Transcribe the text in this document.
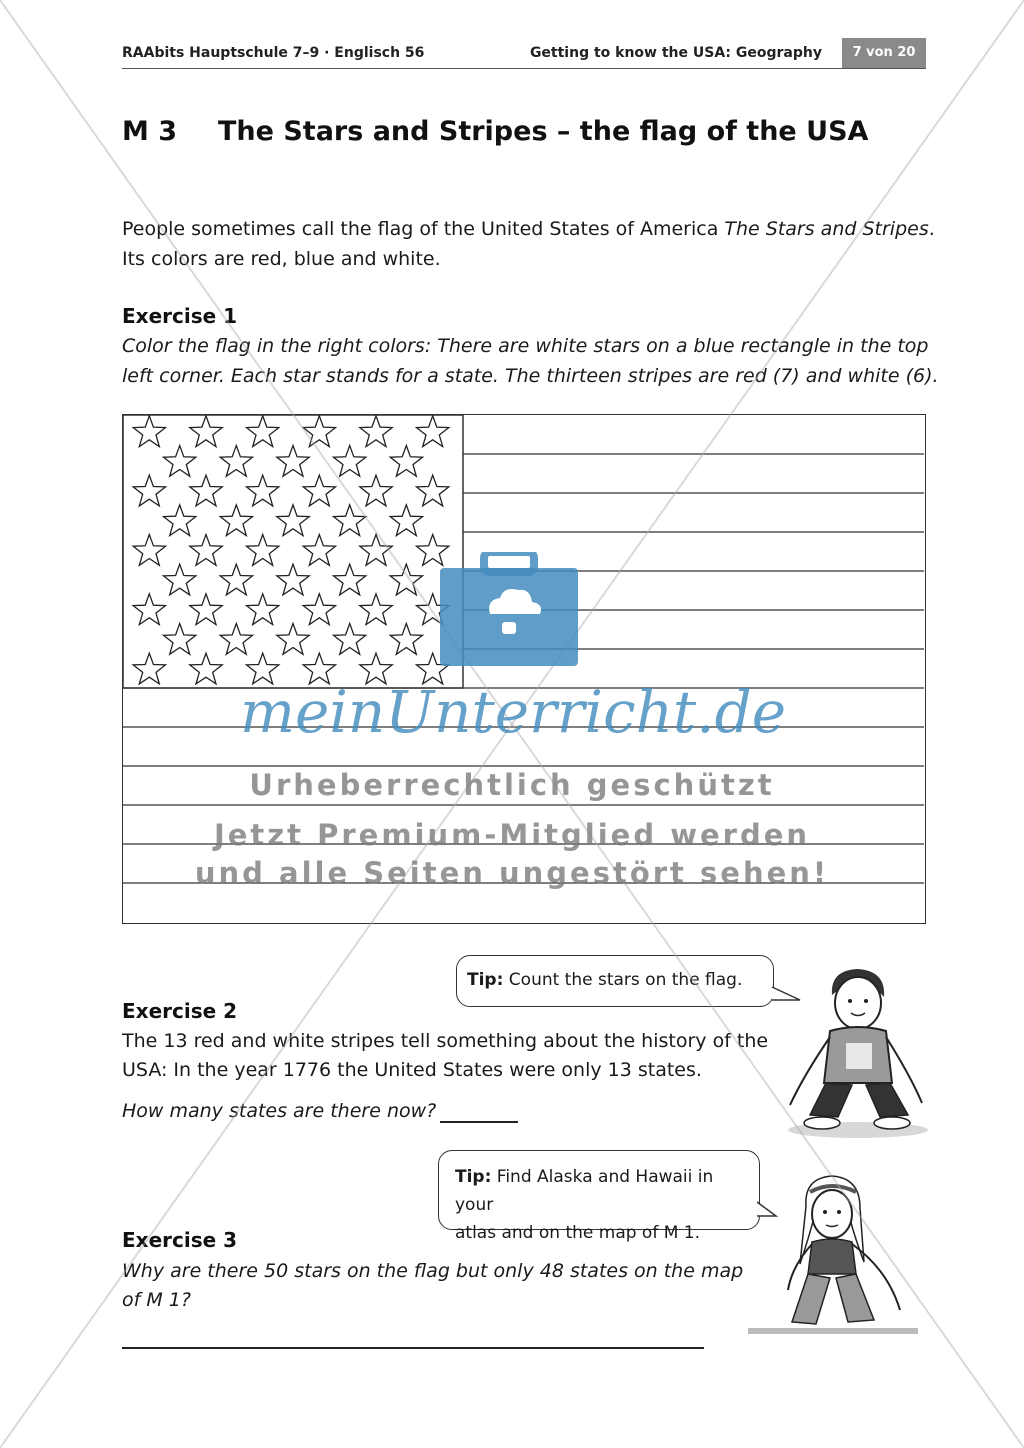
RAAbits Hauptschule 7–9 · Englisch 56	Getting to know the USA: Geography	7 von 20
M 3 The Stars and Stripes – the flag of the USA
People sometimes call the flag of the United States of America The Stars and Stripes.
Its colors are red, blue and white.
Exercise 1
Color the flag in the right colors: There are white stars on a blue rectangle in the top
left corner. Each star stands for a state. The thirteen stripes are red (7) and white (6).
Tip: Count the stars on the flag.
Exercise 2
The 13 red and white stripes tell something about the history of the
USA: In the year 1776 the United States were only 13 states.
How many states are there now?
Tip: Find Alaska and Hawaii in your
atlas and on the map of M 1.
Exercise 3
Why are there 50 stars on the flag but only 48 states on the map
of M 1?
meinUnterricht.de
Urheberrechtlich geschützt
Jetzt Premium-Mitglied werden
und alle Seiten ungestört sehen!
